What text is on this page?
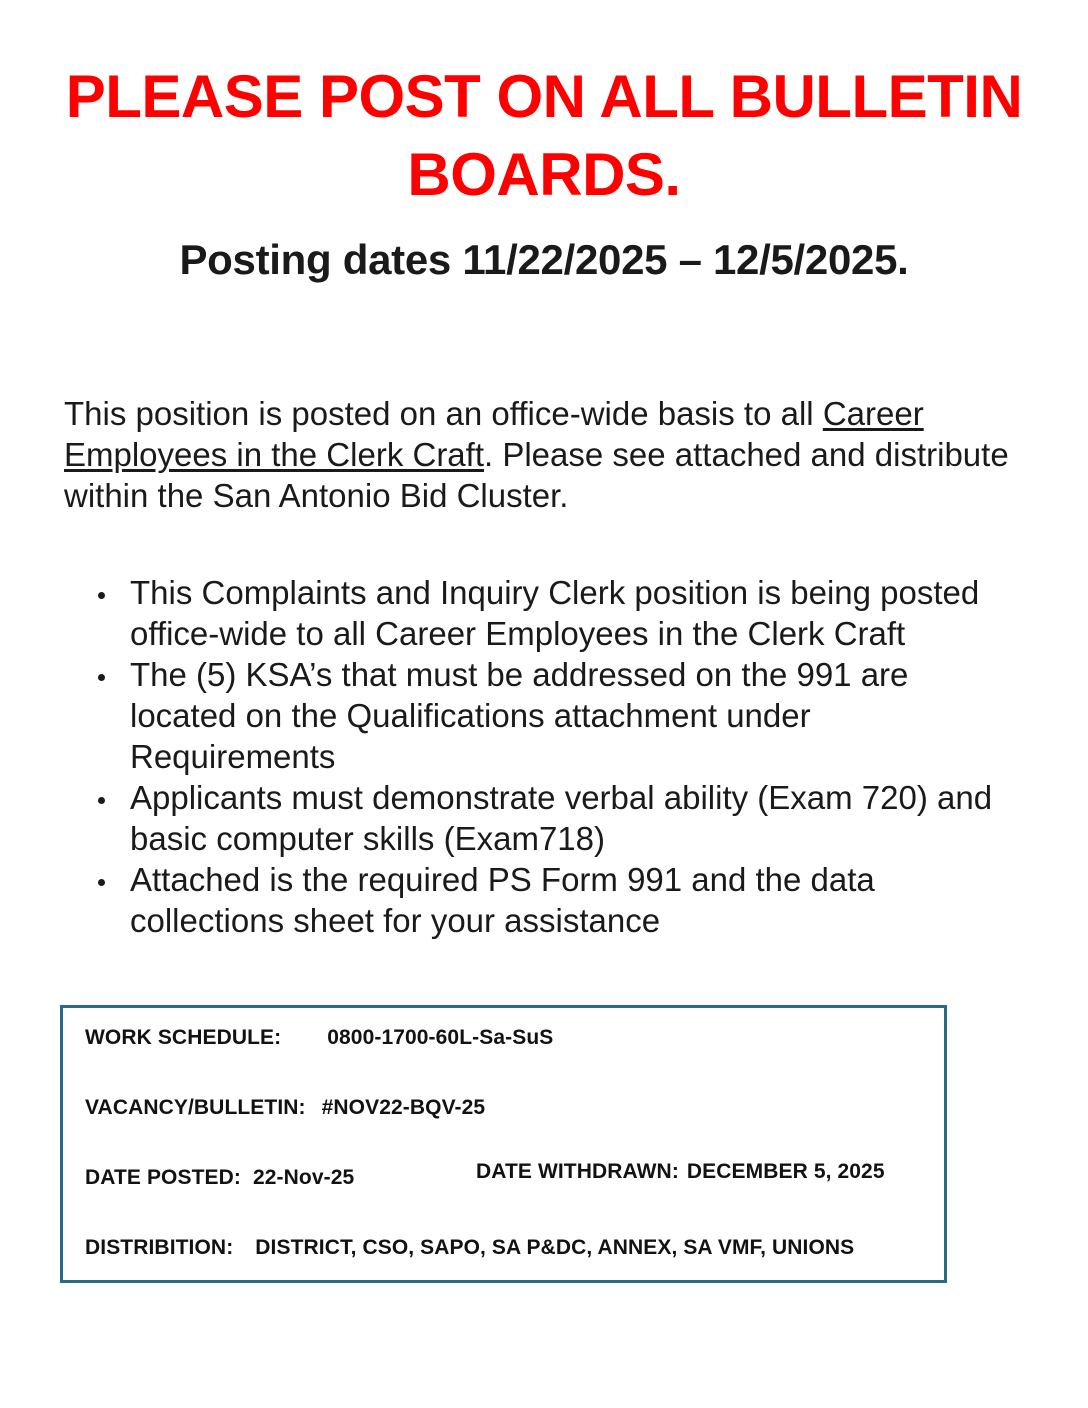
PLEASE POST ON ALL BULLETIN BOARDS.
Posting dates 11/22/2025 – 12/5/2025.

This position is posted on an office-wide basis to all Career Employees in the Clerk Craft. Please see attached and distribute within the San Antonio Bid Cluster.

This Complaints and Inquiry Clerk position is being posted office-wide to all Career Employees in the Clerk Craft
The (5) KSA’s that must be addressed on the 991 are located on the Qualifications attachment under Requirements
Applicants must demonstrate verbal ability (Exam 720) and basic computer skills (Exam718)
Attached is the required PS Form 991 and the data collections sheet for your assistance
WORK SCHEDULE: 0800-1700-60L-Sa-SuS
VACANCY/BULLETIN: #NOV22-BQV-25
DATE POSTED: 22-Nov-25	DATE WITHDRAWN: DECEMBER 5, 2025
DISTRIBITION: DISTRICT, CSO, SAPO, SA P&DC, ANNEX, SA VMF, UNIONS
